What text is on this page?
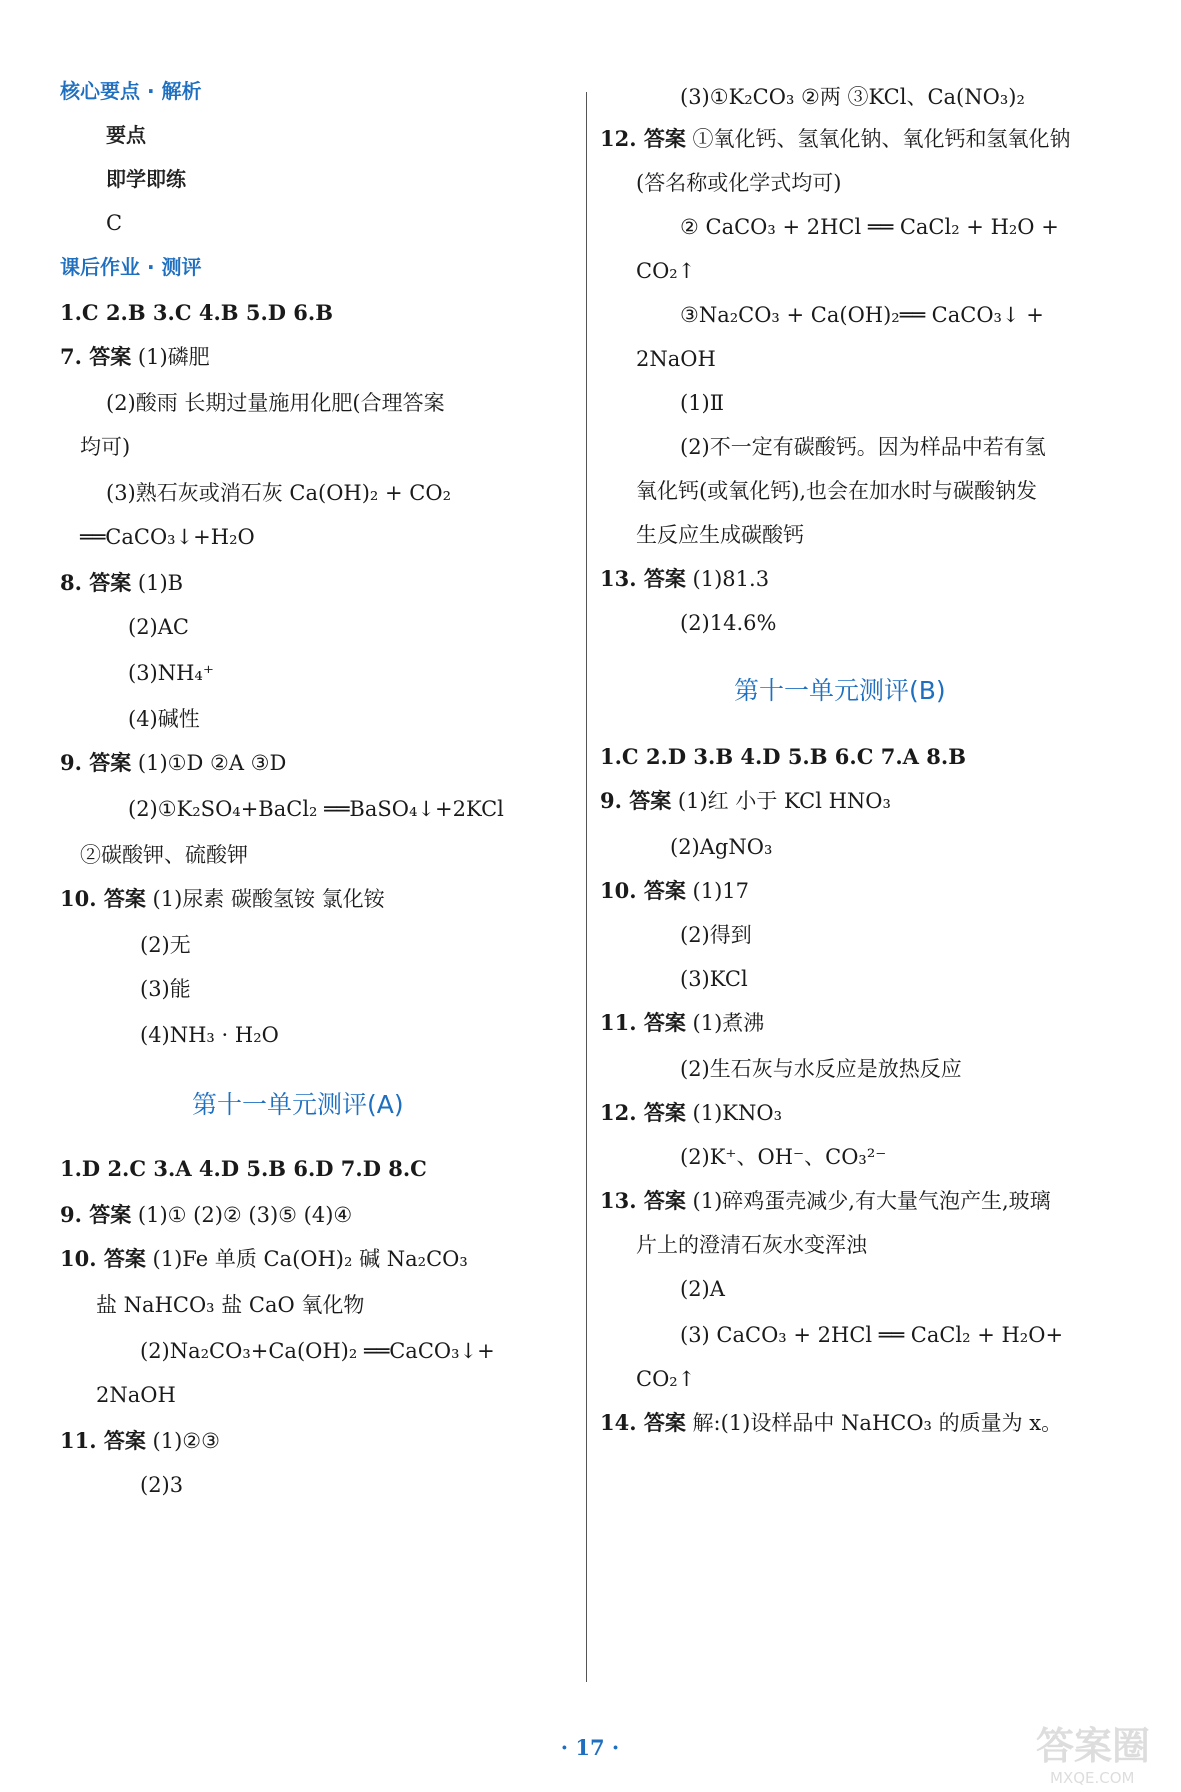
核心要点 · 解析
要点
即学即练
C
课后作业 · 测评
1.C 2.B 3.C 4.B 5.D 6.B
7. 答案 (1)磷肥
(2)酸雨 长期过量施用化肥(合理答案
均可)
(3)熟石灰或消石灰 Ca(OH)₂ + CO₂
══CaCO₃↓+H₂O
8. 答案 (1)B
(2)AC
(3)NH₄⁺
(4)碱性
9. 答案 (1)①D ②A ③D
(2)①K₂SO₄+BaCl₂ ══BaSO₄↓+2KCl
②碳酸钾、硫酸钾
10. 答案 (1)尿素 碳酸氢铵 氯化铵
(2)无
(3)能
(4)NH₃ · H₂O
第十一单元测评(A)
1.D 2.C 3.A 4.D 5.B 6.D 7.D 8.C
9. 答案 (1)① (2)② (3)⑤ (4)④
10. 答案 (1)Fe 单质 Ca(OH)₂ 碱 Na₂CO₃
盐 NaHCO₃ 盐 CaO 氧化物
(2)Na₂CO₃+Ca(OH)₂ ══CaCO₃↓+
2NaOH
11. 答案 (1)②③
(2)3
(3)①K₂CO₃ ②两 ③KCl、Ca(NO₃)₂
12. 答案 ①氧化钙、氢氧化钠、氧化钙和氢氧化钠
(答名称或化学式均可)
② CaCO₃ + 2HCl ══ CaCl₂ + H₂O +
CO₂↑
③Na₂CO₃ + Ca(OH)₂══ CaCO₃↓ +
2NaOH
(1)Ⅱ
(2)不一定有碳酸钙。因为样品中若有氢
氧化钙(或氧化钙),也会在加水时与碳酸钠发
生反应生成碳酸钙
13. 答案 (1)81.3
(2)14.6%
第十一单元测评(B)
1.C 2.D 3.B 4.D 5.B 6.C 7.A 8.B
9. 答案 (1)红 小于 KCl HNO₃
(2)AgNO₃
10. 答案 (1)17
(2)得到
(3)KCl
11. 答案 (1)煮沸
(2)生石灰与水反应是放热反应
12. 答案 (1)KNO₃
(2)K⁺、OH⁻、CO₃²⁻
13. 答案 (1)碎鸡蛋壳减少,有大量气泡产生,玻璃
片上的澄清石灰水变浑浊
(2)A
(3) CaCO₃ + 2HCl ══ CaCl₂ + H₂O+
CO₂↑
14. 答案 解:(1)设样品中 NaHCO₃ 的质量为 x。
· 17 ·	答案圈
MXQE.COM
